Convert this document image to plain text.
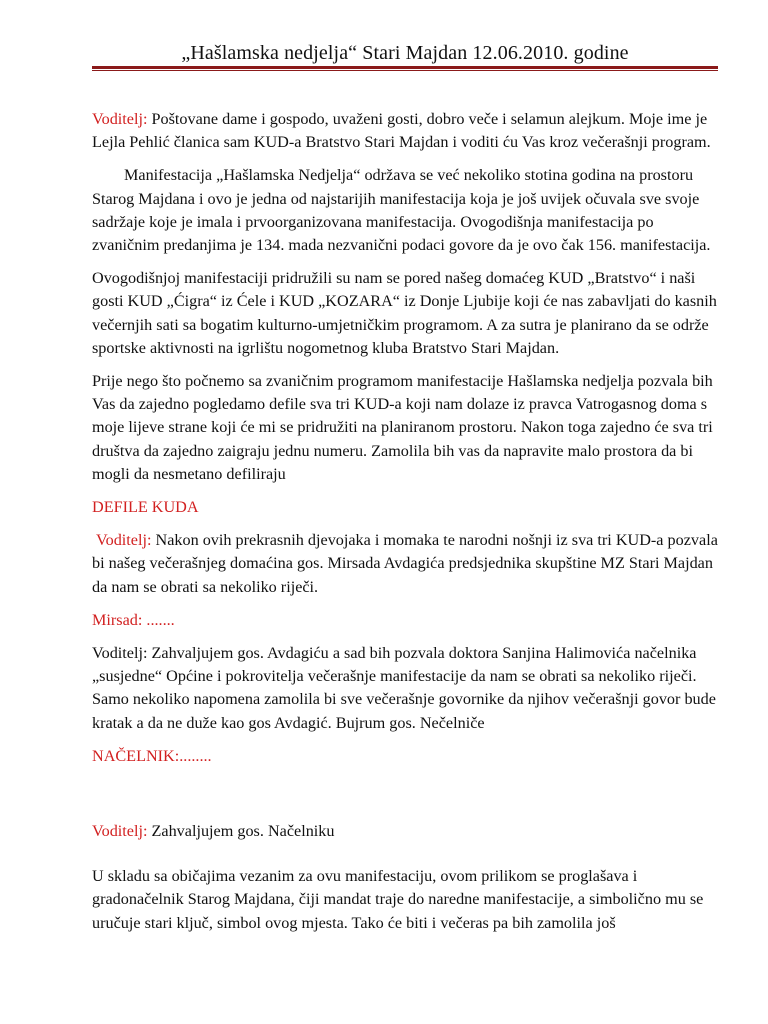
„Hašlamska nedjelja“ Stari Majdan 12.06.2010. godine

Voditelj: Poštovane dame i gospodo, uvaženi gosti, dobro veče i selamun alejkum. Moje ime je Lejla Pehlić članica sam KUD-a Bratstvo Stari Majdan i voditi ću Vas kroz večerašnji program.

Manifestacija „Hašlamska Nedjelja“ održava se već nekoliko stotina godina na prostoru Starog Majdana i ovo je jedna od najstarijih manifestacija koja je još uvijek očuvala sve svoje sadržaje koje je imala i prvoorganizovana manifestacija. Ovogodišnja manifestacija po zvaničnim predanjima je 134. mada nezvanični podaci govore da je ovo čak 156. manifestacija.

Ovogodišnjoj manifestaciji pridružili su nam se pored našeg domaćeg KUD „Bratstvo“ i naši gosti KUD „Ćigra“ iz Ćele i KUD „KOZARA“ iz Donje Ljubije koji će nas zabavljati do kasnih večernjih sati sa bogatim kulturno-umjetničkim programom. A za sutra je planirano da se održe sportske aktivnosti na igrlištu nogometnog kluba Bratstvo Stari Majdan.

Prije nego što počnemo sa zvaničnim programom manifestacije Hašlamska nedjelja pozvala bih Vas da zajedno pogledamo defile sva tri KUD-a koji nam dolaze iz pravca Vatrogasnog doma s moje lijeve strane koji će mi se pridružiti na planiranom prostoru. Nakon toga zajedno će sva tri društva da zajedno zaigraju jednu numeru. Zamolila bih vas da napravite malo prostora da bi mogli da nesmetano defiliraju

DEFILE KUDA

Voditelj: Nakon ovih prekrasnih djevojaka i momaka te narodni nošnji iz sva tri KUD-a pozvala bi našeg večerašnjeg domaćina gos. Mirsada Avdagića predsjednika skupštine MZ Stari Majdan da nam se obrati sa nekoliko riječi.

Mirsad: .......

Voditelj: Zahvaljujem gos. Avdagiću a sad bih pozvala doktora Sanjina Halimovića načelnika „susjedne“ Općine i pokrovitelja večerašnje manifestacije da nam se obrati sa nekoliko riječi. Samo nekoliko napomena zamolila bi sve večerašnje govornike da njihov večerašnji govor bude kratak a da ne duže kao gos Avdagić. Bujrum gos. Nečelniče

NAČELNIK:........

Voditelj: Zahvaljujem gos. Načelniku

U skladu sa običajima vezanim za ovu manifestaciju, ovom prilikom se proglašava i gradonačelnik Starog Majdana, čiji mandat traje do naredne manifestacije, a simbolično mu se uručuje stari ključ, simbol ovog mjesta. Tako će biti i večeras pa bih zamolila još
